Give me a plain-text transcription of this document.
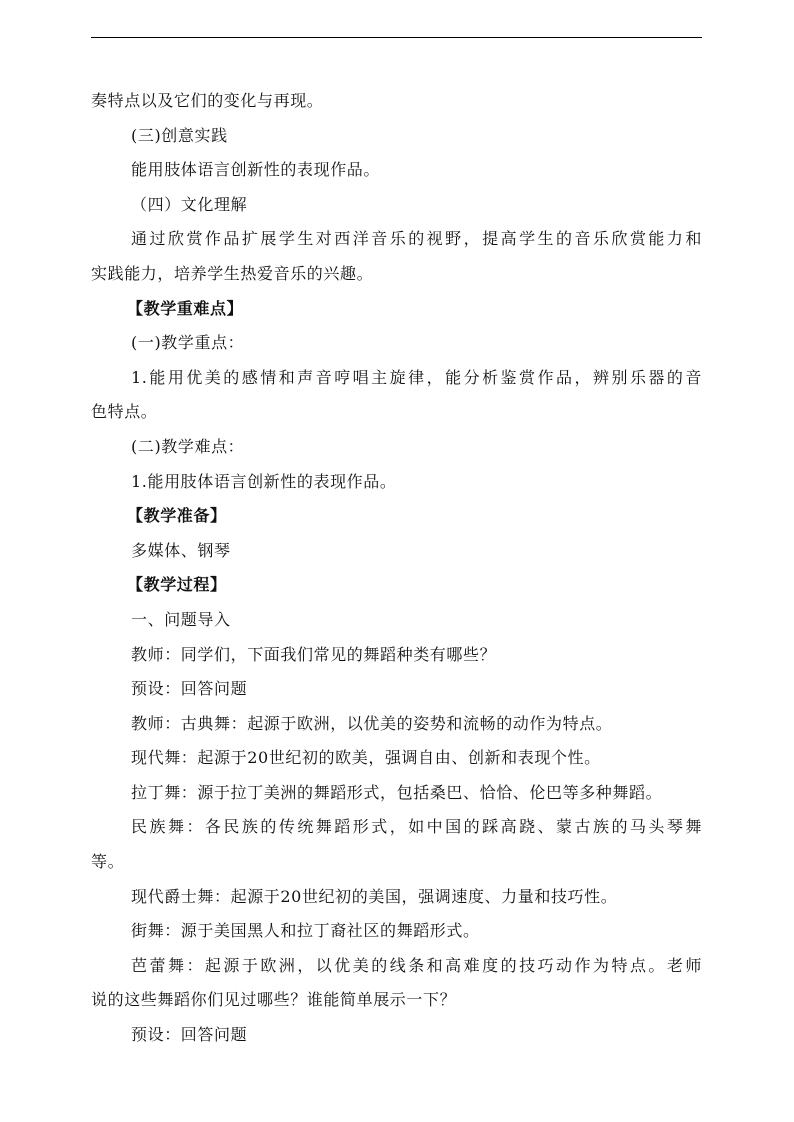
奏特点以及它们的变化与再现。
(三)创意实践
能用肢体语言创新性的表现作品。
（四）文化理解
通过欣赏作品扩展学生对西洋音乐的视野，提高学生的音乐欣赏能力和
实践能力，培养学生热爱音乐的兴趣。
【教学重难点】
(一)教学重点：
1.能用优美的感情和声音哼唱主旋律，能分析鉴赏作品，辨别乐器的音
色特点。
(二)教学难点：
1.能用肢体语言创新性的表现作品。
【教学准备】
多媒体、钢琴
【教学过程】
一、问题导入
教师：同学们，下面我们常见的舞蹈种类有哪些？
预设：回答问题
教师：古典舞：起源于欧洲，以优美的姿势和流畅的动作为特点。
现代舞：起源于20世纪初的欧美，强调自由、创新和表现个性。
拉丁舞：源于拉丁美洲的舞蹈形式，包括桑巴、恰恰、伦巴等多种舞蹈。
民族舞：各民族的传统舞蹈形式，如中国的踩高跷、蒙古族的马头琴舞
等。
现代爵士舞：起源于20世纪初的美国，强调速度、力量和技巧性。
街舞：源于美国黑人和拉丁裔社区的舞蹈形式。
芭蕾舞：起源于欧洲，以优美的线条和高难度的技巧动作为特点。老师
说的这些舞蹈你们见过哪些？谁能简单展示一下？
预设：回答问题
